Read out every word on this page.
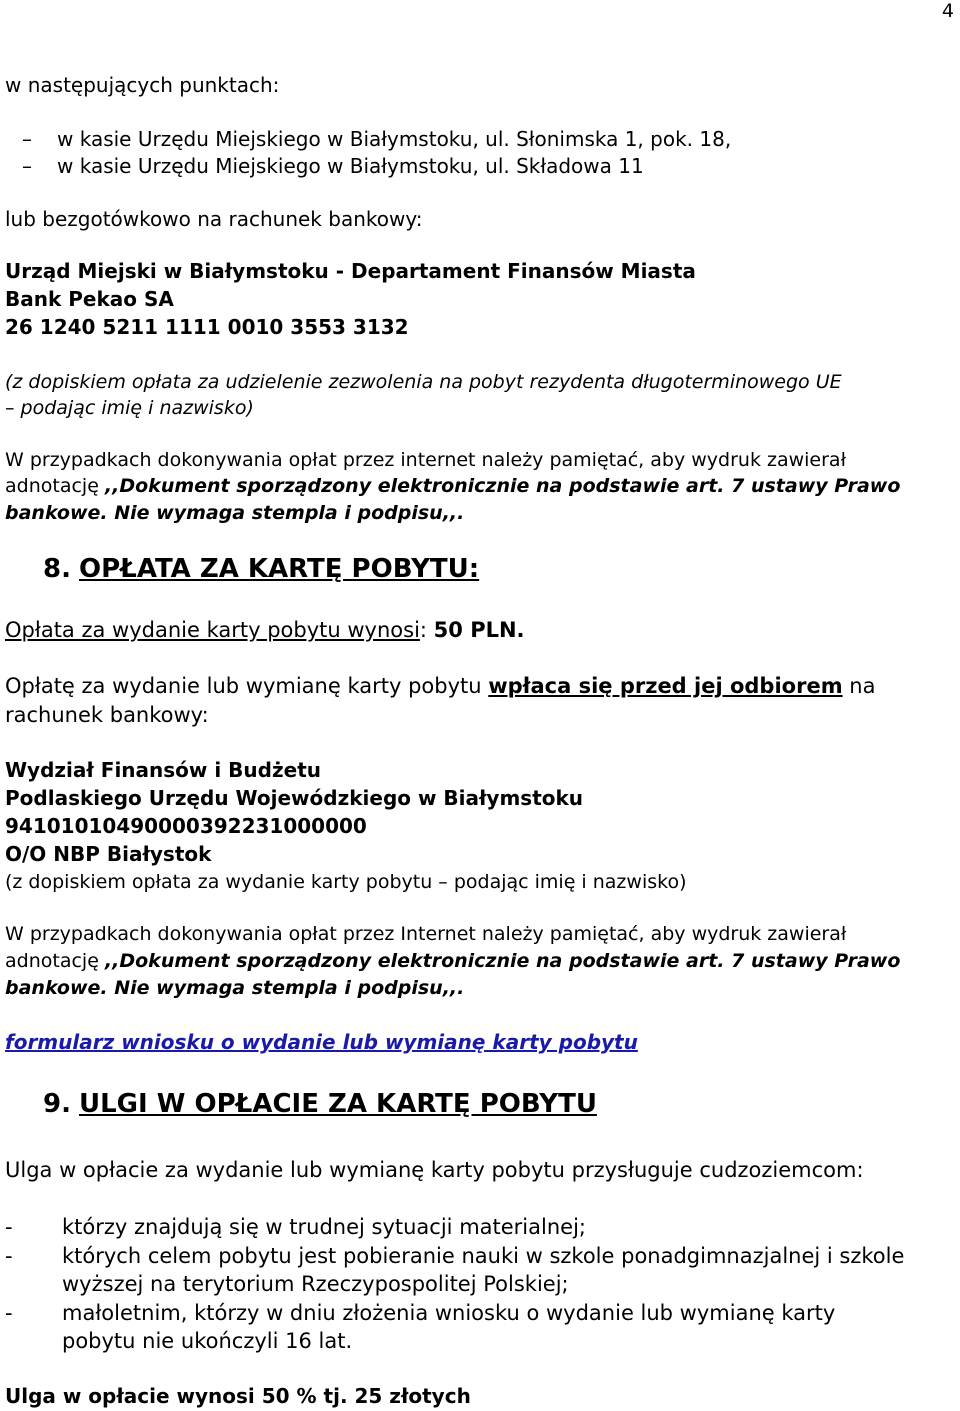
4
w następujących punktach:
– w kasie Urzędu Miejskiego w Białymstoku, ul. Słonimska 1, pok. 18,
– w kasie Urzędu Miejskiego w Białymstoku, ul. Składowa 11
lub bezgotówkowo na rachunek bankowy:
Urząd Miejski w Białymstoku - Departament Finansów Miasta
Bank Pekao SA
26 1240 5211 1111 0010 3553 3132
(z dopiskiem opłata za udzielenie zezwolenia na pobyt rezydenta długoterminowego UE
– podając imię i nazwisko)
W przypadkach dokonywania opłat przez internet należy pamiętać, aby wydruk zawierał
adnotację ,,Dokument sporządzony elektronicznie na podstawie art. 7 ustawy Prawo
bankowe. Nie wymaga stempla i podpisu,,.
8. OPŁATA ZA KARTĘ POBYTU:
Opłata za wydanie karty pobytu wynosi: 50 PLN.
Opłatę za wydanie lub wymianę karty pobytu wpłaca się przed jej odbiorem na
rachunek bankowy:
Wydział Finansów i Budżetu
Podlaskiego Urzędu Wojewódzkiego w Białymstoku
94101010490000392231000000
O/O NBP Białystok
(z dopiskiem opłata za wydanie karty pobytu – podając imię i nazwisko)
W przypadkach dokonywania opłat przez Internet należy pamiętać, aby wydruk zawierał
adnotację ,,Dokument sporządzony elektronicznie na podstawie art. 7 ustawy Prawo
bankowe. Nie wymaga stempla i podpisu,,.
formularz wniosku o wydanie lub wymianę karty pobytu
9. ULGI W OPŁACIE ZA KARTĘ POBYTU
Ulga w opłacie za wydanie lub wymianę karty pobytu przysługuje cudzoziemcom:
- którzy znajdują się w trudnej sytuacji materialnej;
- których celem pobytu jest pobieranie nauki w szkole ponadgimnazjalnej i szkole
wyższej na terytorium Rzeczypospolitej Polskiej;
- małoletnim, którzy w dniu złożenia wniosku o wydanie lub wymianę karty
pobytu nie ukończyli 16 lat.
Ulga w opłacie wynosi 50 % tj. 25 złotych
